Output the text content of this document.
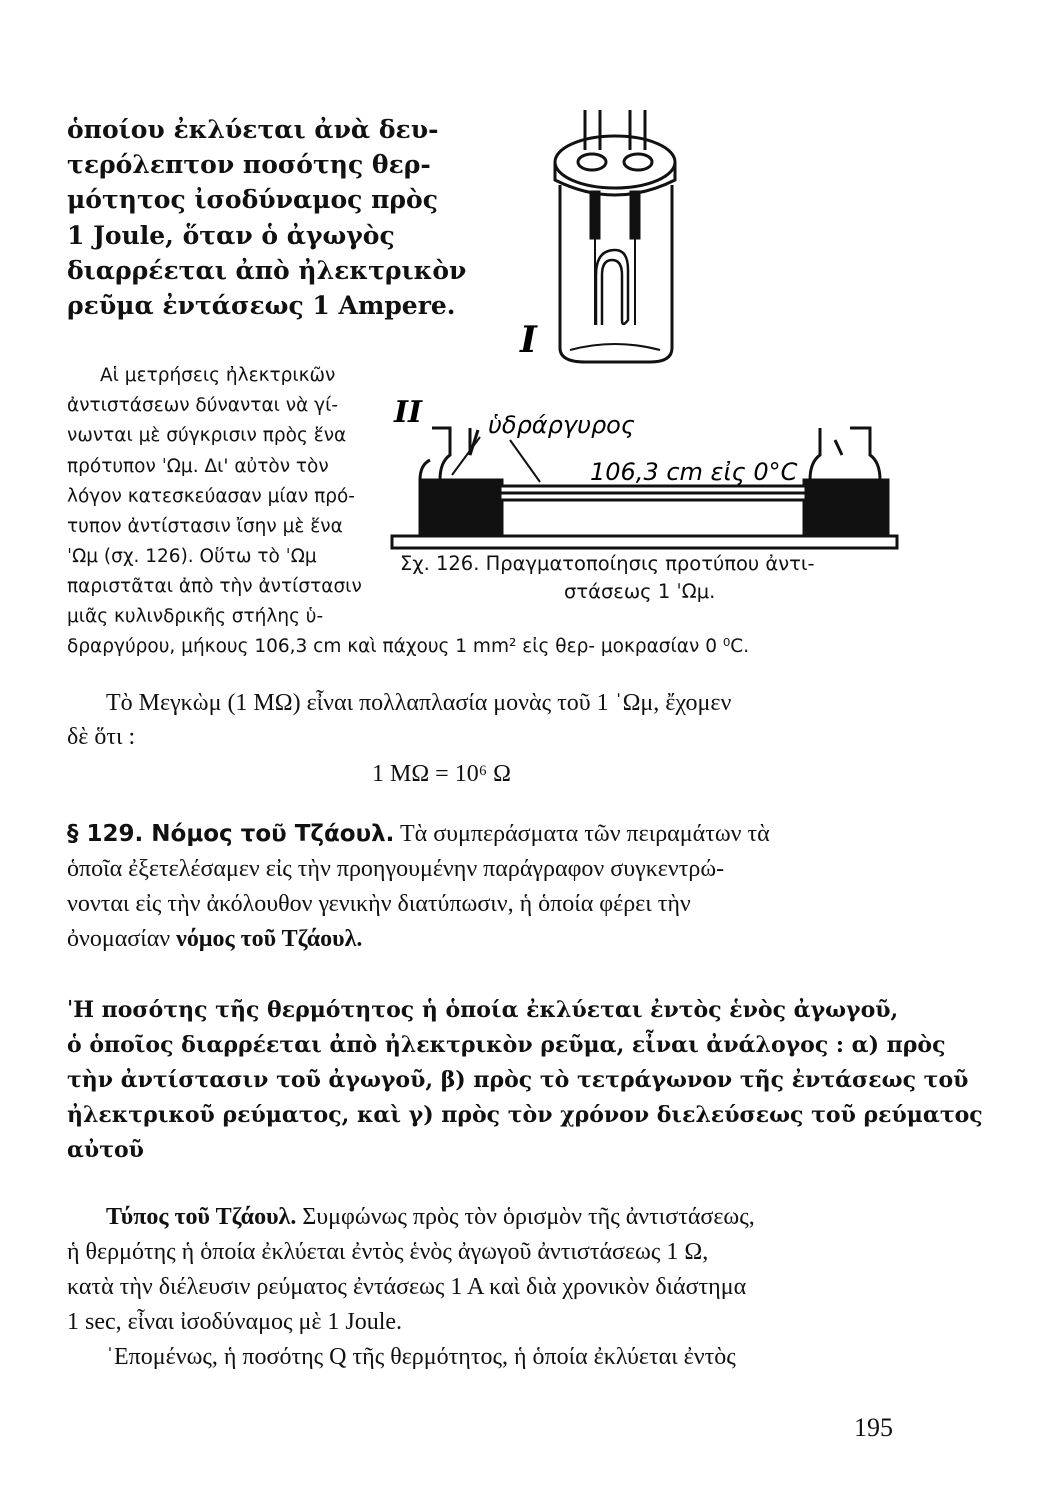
ὁποίου ἐκλύεται ἀνὰ δευ-
τερόλεπτον ποσότης θερ-
μότητος ἰσοδύναμος πρὸς
1 Joule, ὅταν ὁ ἀγωγὸς
διαρρέεται ἀπὸ ἠλεκτρικὸν
ρεῦμα ἐντάσεως 1 Ampere.
Αἱ μετρήσεις ἠλεκτρικῶν
ἀντιστάσεων δύνανται νὰ γί-
νωνται μὲ σύγκρισιν πρὸς ἕνα
πρότυπον ˈΩμ. Δι' αὐτὸν τὸν
λόγον κατεσκεύασαν μίαν πρό-
τυπον ἀντίστασιν ἴσην μὲ ἕνα
ˈΩμ (σχ. 126). Οὕτω τὸ ˈΩμ
παριστᾶται ἀπὸ τὴν ἀντίστασιν
μιᾶς κυλινδρικῆς στήλης ὑ-
δραργύρου, μήκους 106,3 cm καὶ πάχους 1 mm² εἰς θερ- μοκρασίαν 0 ⁰C.
I
II	ὑδράργυρος
106,3 cm εἰς 0°C
Σχ. 126. Πραγματοποίησις προτύπου ἀντι-
στάσεως 1 ˈΩμ.
Τὸ Μεγκὼμ (1 ΜΩ) εἶναι πολλαπλασία μονὰς τοῦ 1 ˈΩμ, ἔχομεν
δὲ ὅτι :
1 ΜΩ = 10⁶ Ω
§ 129. Νόμος τοῦ Τζάουλ. Τὰ συμπεράσματα τῶν πειραμάτων τὰ
ὁποῖα ἐξετελέσαμεν εἰς τὴν προηγουμένην παράγραφον συγκεντρώ-
νονται εἰς τὴν ἀκόλουθον γενικὴν διατύπωσιν, ἡ ὁποία φέρει τὴν
ὀνομασίαν νόμος τοῦ Τζάουλ.
ˈΗ ποσότης τῆς θερμότητος ἡ ὁποία ἐκλύεται ἐντὸς ἑνὸς ἀγωγοῦ,
ὁ ὁποῖος διαρρέεται ἀπὸ ἠλεκτρικὸν ρεῦμα, εἶναι ἀνάλογος : α) πρὸς
τὴν ἀντίστασιν τοῦ ἀγωγοῦ, β) πρὸς τὸ τετράγωνον τῆς ἐντάσεως τοῦ
ἠλεκτρικοῦ ρεύματος, καὶ γ) πρὸς τὸν χρόνον διελεύσεως τοῦ ρεύματος
αὐτοῦ
Τύπος τοῦ Τζάουλ. Συμφώνως πρὸς τὸν ὁρισμὸν τῆς ἀντιστάσεως,
ἡ θερμότης ἡ ὁποία ἐκλύεται ἐντὸς ἑνὸς ἀγωγοῦ ἀντιστάσεως 1 Ω,
κατὰ τὴν διέλευσιν ρεύματος ἐντάσεως 1 Α καὶ διὰ χρονικὸν διάστημα
1 sec, εἶναι ἰσοδύναμος μὲ 1 Joule.
ˈΕπομένως, ἡ ποσότης Q τῆς θερμότητος, ἡ ὁποία ἐκλύεται ἐντὸς
195
